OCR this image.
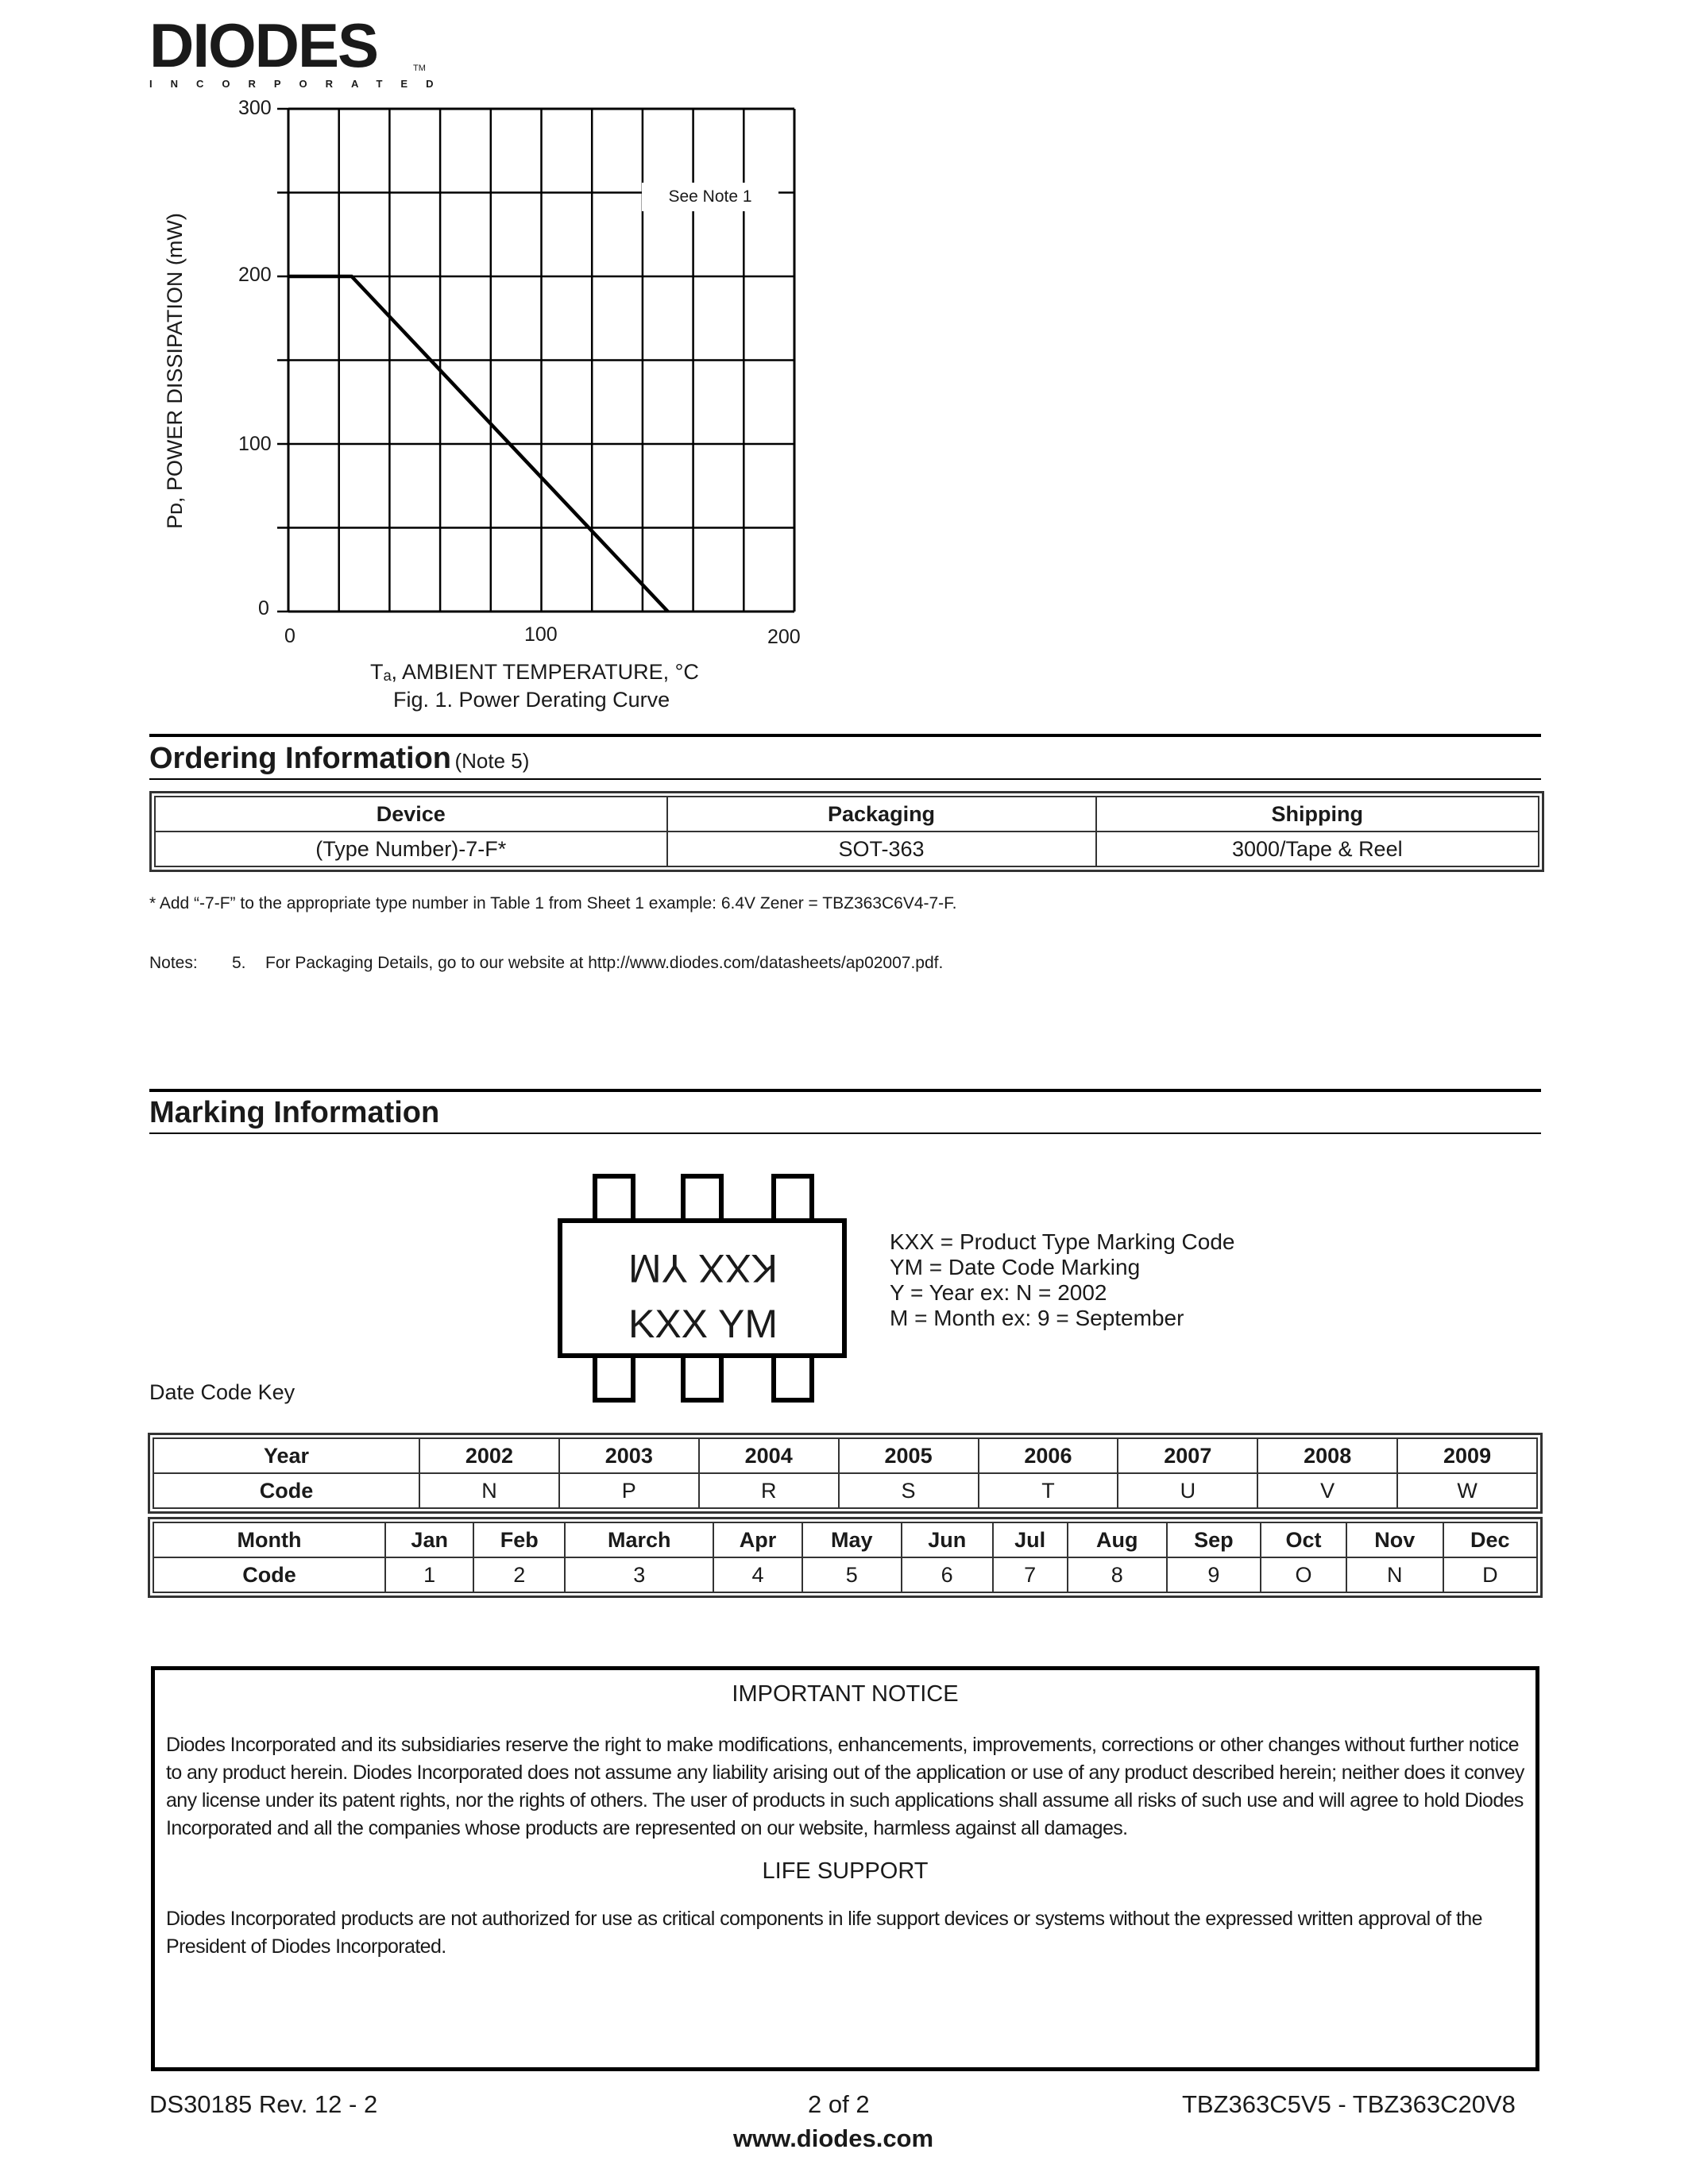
DIODES
INCORPORATED
TM
300
200
100
0
0	100	200
Pᴅ, POWER DISSIPATION (mW)
Tₐ, AMBIENT TEMPERATURE, °C
Fig. 1. Power Derating Curve
See Note 1
Ordering Information (Note 5)
Device	Packaging	Shipping
(Type Number)-7-F*	SOT-363	3000/Tape & Reel
* Add “-7-F” to the appropriate type number in Table 1 from Sheet 1 example: 6.4V Zener = TBZ363C6V4-7-F.
Notes: 5. For Packaging Details, go to our website at http://www.diodes.com/datasheets/ap02007.pdf.
Marking Information
KXX YM
KXX YM
KXX = Product Type Marking Code
YM = Date Code Marking
Y = Year ex: N = 2002
M = Month ex: 9 = September
Date Code Key
Year	2002	2003	2004	2005	2006	2007	2008	2009
Code	N	P	R	S	T	U	V	W
Month	Jan	Feb	March	Apr	May	Jun	Jul	Aug	Sep	Oct	Nov	Dec
Code	1	2	3	4	5	6	7	8	9	O	N	D
IMPORTANT NOTICE
Diodes Incorporated and its subsidiaries reserve the right to make modifications, enhancements, improvements, corrections or other changes without further notice to any product herein. Diodes Incorporated does not assume any liability arising out of the application or use of any product described herein; neither does it convey any license under its patent rights, nor the rights of others. The user of products in such applications shall assume all risks of such use and will agree to hold Diodes Incorporated and all the companies whose products are represented on our website, harmless against all damages.
LIFE SUPPORT
Diodes Incorporated products are not authorized for use as critical components in life support devices or systems without the expressed written approval of the President of Diodes Incorporated.
DS30185 Rev. 12 - 2	2 of 2	TBZ363C5V5 - TBZ363C20V8
www.diodes.com
